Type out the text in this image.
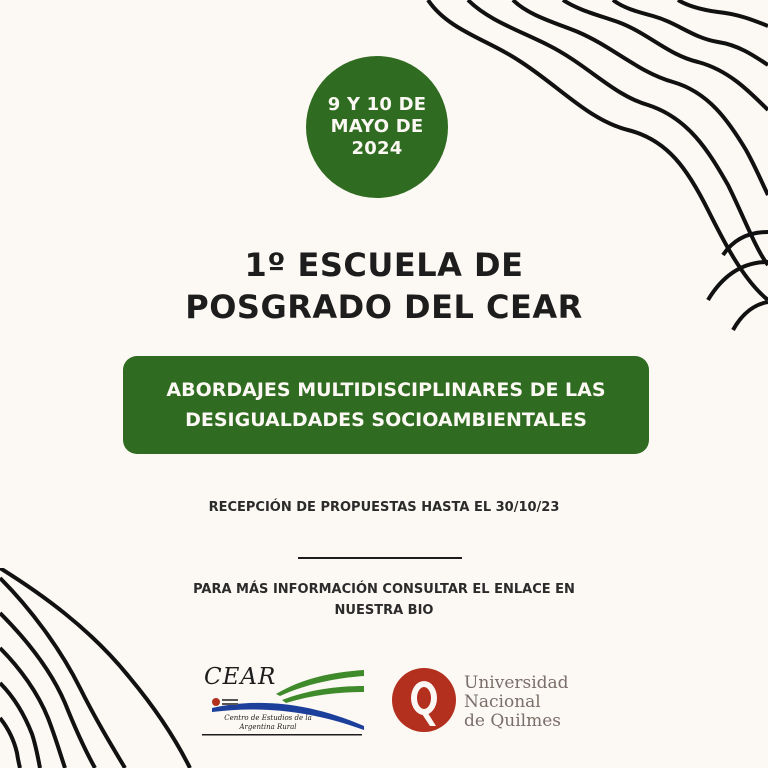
9 Y 10 DE MAYO DE 2024
1º ESCUELA DE
POSGRADO DEL CEAR
ABORDAJES MULTIDISCIPLINARES DE LAS DESIGUALDADES SOCIOAMBIENTALES
RECEPCIÓN DE PROPUESTAS HASTA EL 30/10/23
PARA MÁS INFORMACIÓN CONSULTAR EL ENLACE EN NUESTRA BIO
CEAR
Centro de Estudios de la Argentina Rural
Universidad
Nacional
de Quilmes
